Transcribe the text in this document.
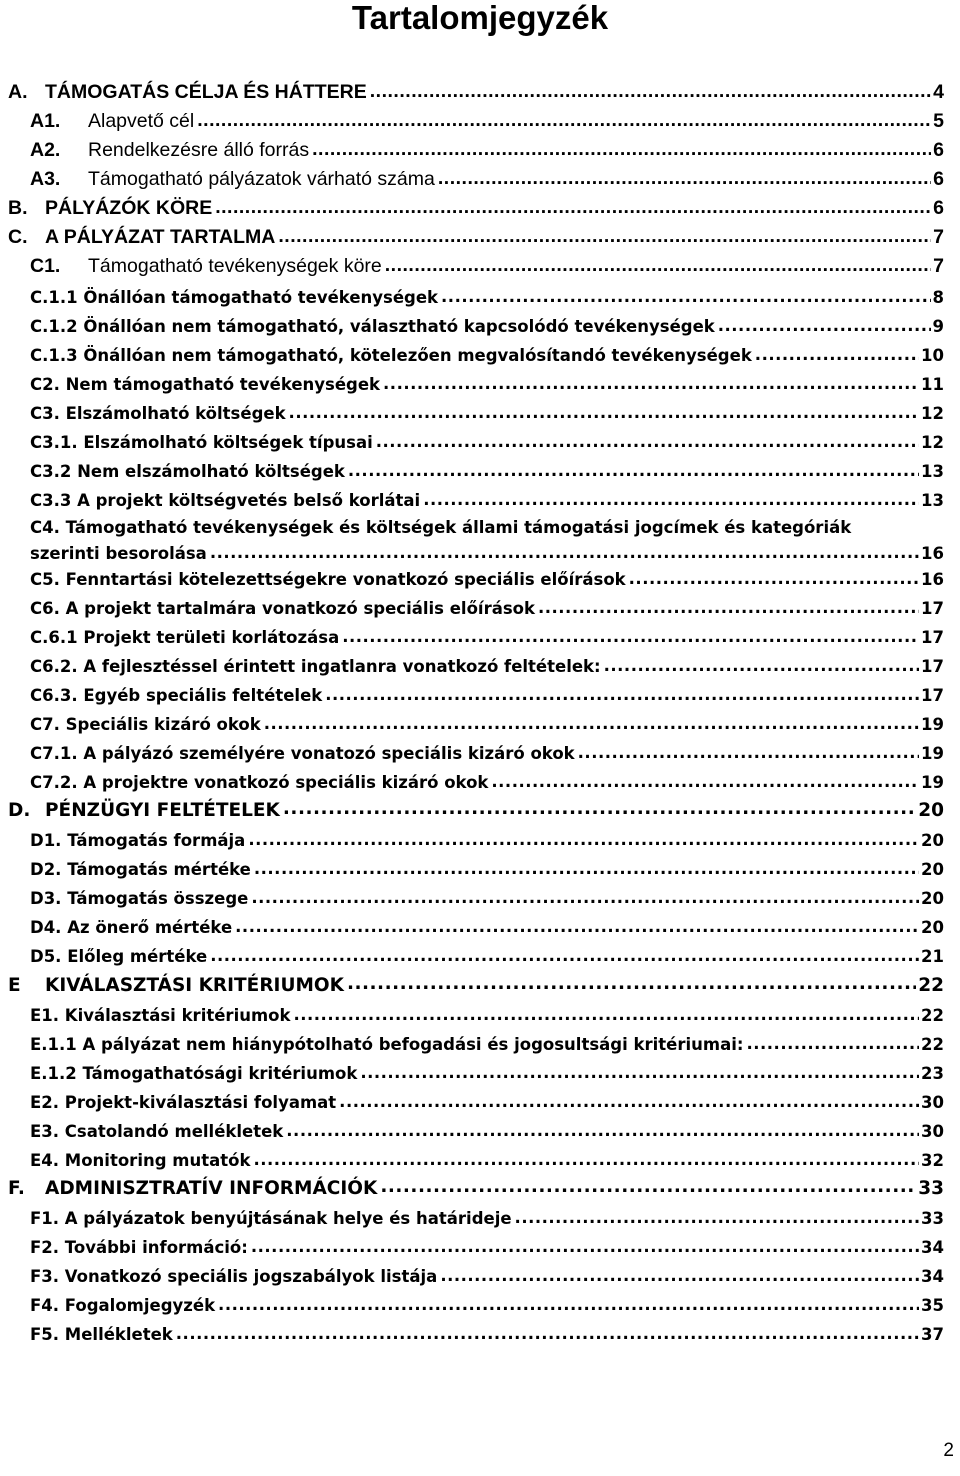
Tartalomjegyzék
A. TÁMOGATÁS CÉLJA ÉS HÁTTERE .....	4
A1.	Alapvető cél .....	5
A2.	Rendelkezésre álló forrás .....	6
A3.	Támogatható pályázatok várható száma .....	6
B. PÁLYÁZÓK KÖRE .....	6
C. A PÁLYÁZAT TARTALMA .....	7
C1.	Támogatható tevékenységek köre .....	7
C.1.1 Önállóan támogatható tevékenységek .....	8
C.1.2 Önállóan nem támogatható, választható kapcsolódó tevékenységek .....	9
C.1.3 Önállóan nem támogatható, kötelezően megvalósítandó tevékenységek .....	10
C2. Nem támogatható tevékenységek .....	11
C3. Elszámolható költségek .....	12
C3.1. Elszámolható költségek típusai .....	12
C3.2 Nem elszámolható költségek .....	13
C3.3 A projekt költségvetés belső korlátai .....	13
C4. Támogatható tevékenységek és költségek állami támogatási jogcímek és kategóriák
szerinti besorolása .....	16
C5. Fenntartási kötelezettségekre vonatkozó speciális előírások .....	16
C6. A projekt tartalmára vonatkozó speciális előírások .....	17
C.6.1 Projekt területi korlátozása .....	17
C6.2. A fejlesztéssel érintett ingatlanra vonatkozó feltételek: .....	17
C6.3. Egyéb speciális feltételek .....	17
C7. Speciális kizáró okok .....	19
C7.1. A pályázó személyére vonatozó speciális kizáró okok .....	19
C7.2. A projektre vonatkozó speciális kizáró okok .....	19
D. PÉNZÜGYI FELTÉTELEK .....	20
D1. Támogatás formája .....	20
D2. Támogatás mértéke .....	20
D3. Támogatás összege .....	20
D4. Az önerő mértéke .....	20
D5. Előleg mértéke .....	21
E	KIVÁLASZTÁSI KRITÉRIUMOK .....	22
E1. Kiválasztási kritériumok .....	22
E.1.1 A pályázat nem hiánypótolható befogadási és jogosultsági kritériumai: .....	22
E.1.2 Támogathatósági kritériumok .....	23
E2. Projekt-kiválasztási folyamat .....	30
E3. Csatolandó mellékletek .....	30
E4. Monitoring mutatók .....	32
F.	ADMINISZTRATÍV INFORMÁCIÓK .....	33
F1. A pályázatok benyújtásának helye és határideje .....	33
F2. További információ: .....	34
F3. Vonatkozó speciális jogszabályok listája .....	34
F4. Fogalomjegyzék .....	35
F5. Mellékletek .....	37
2
